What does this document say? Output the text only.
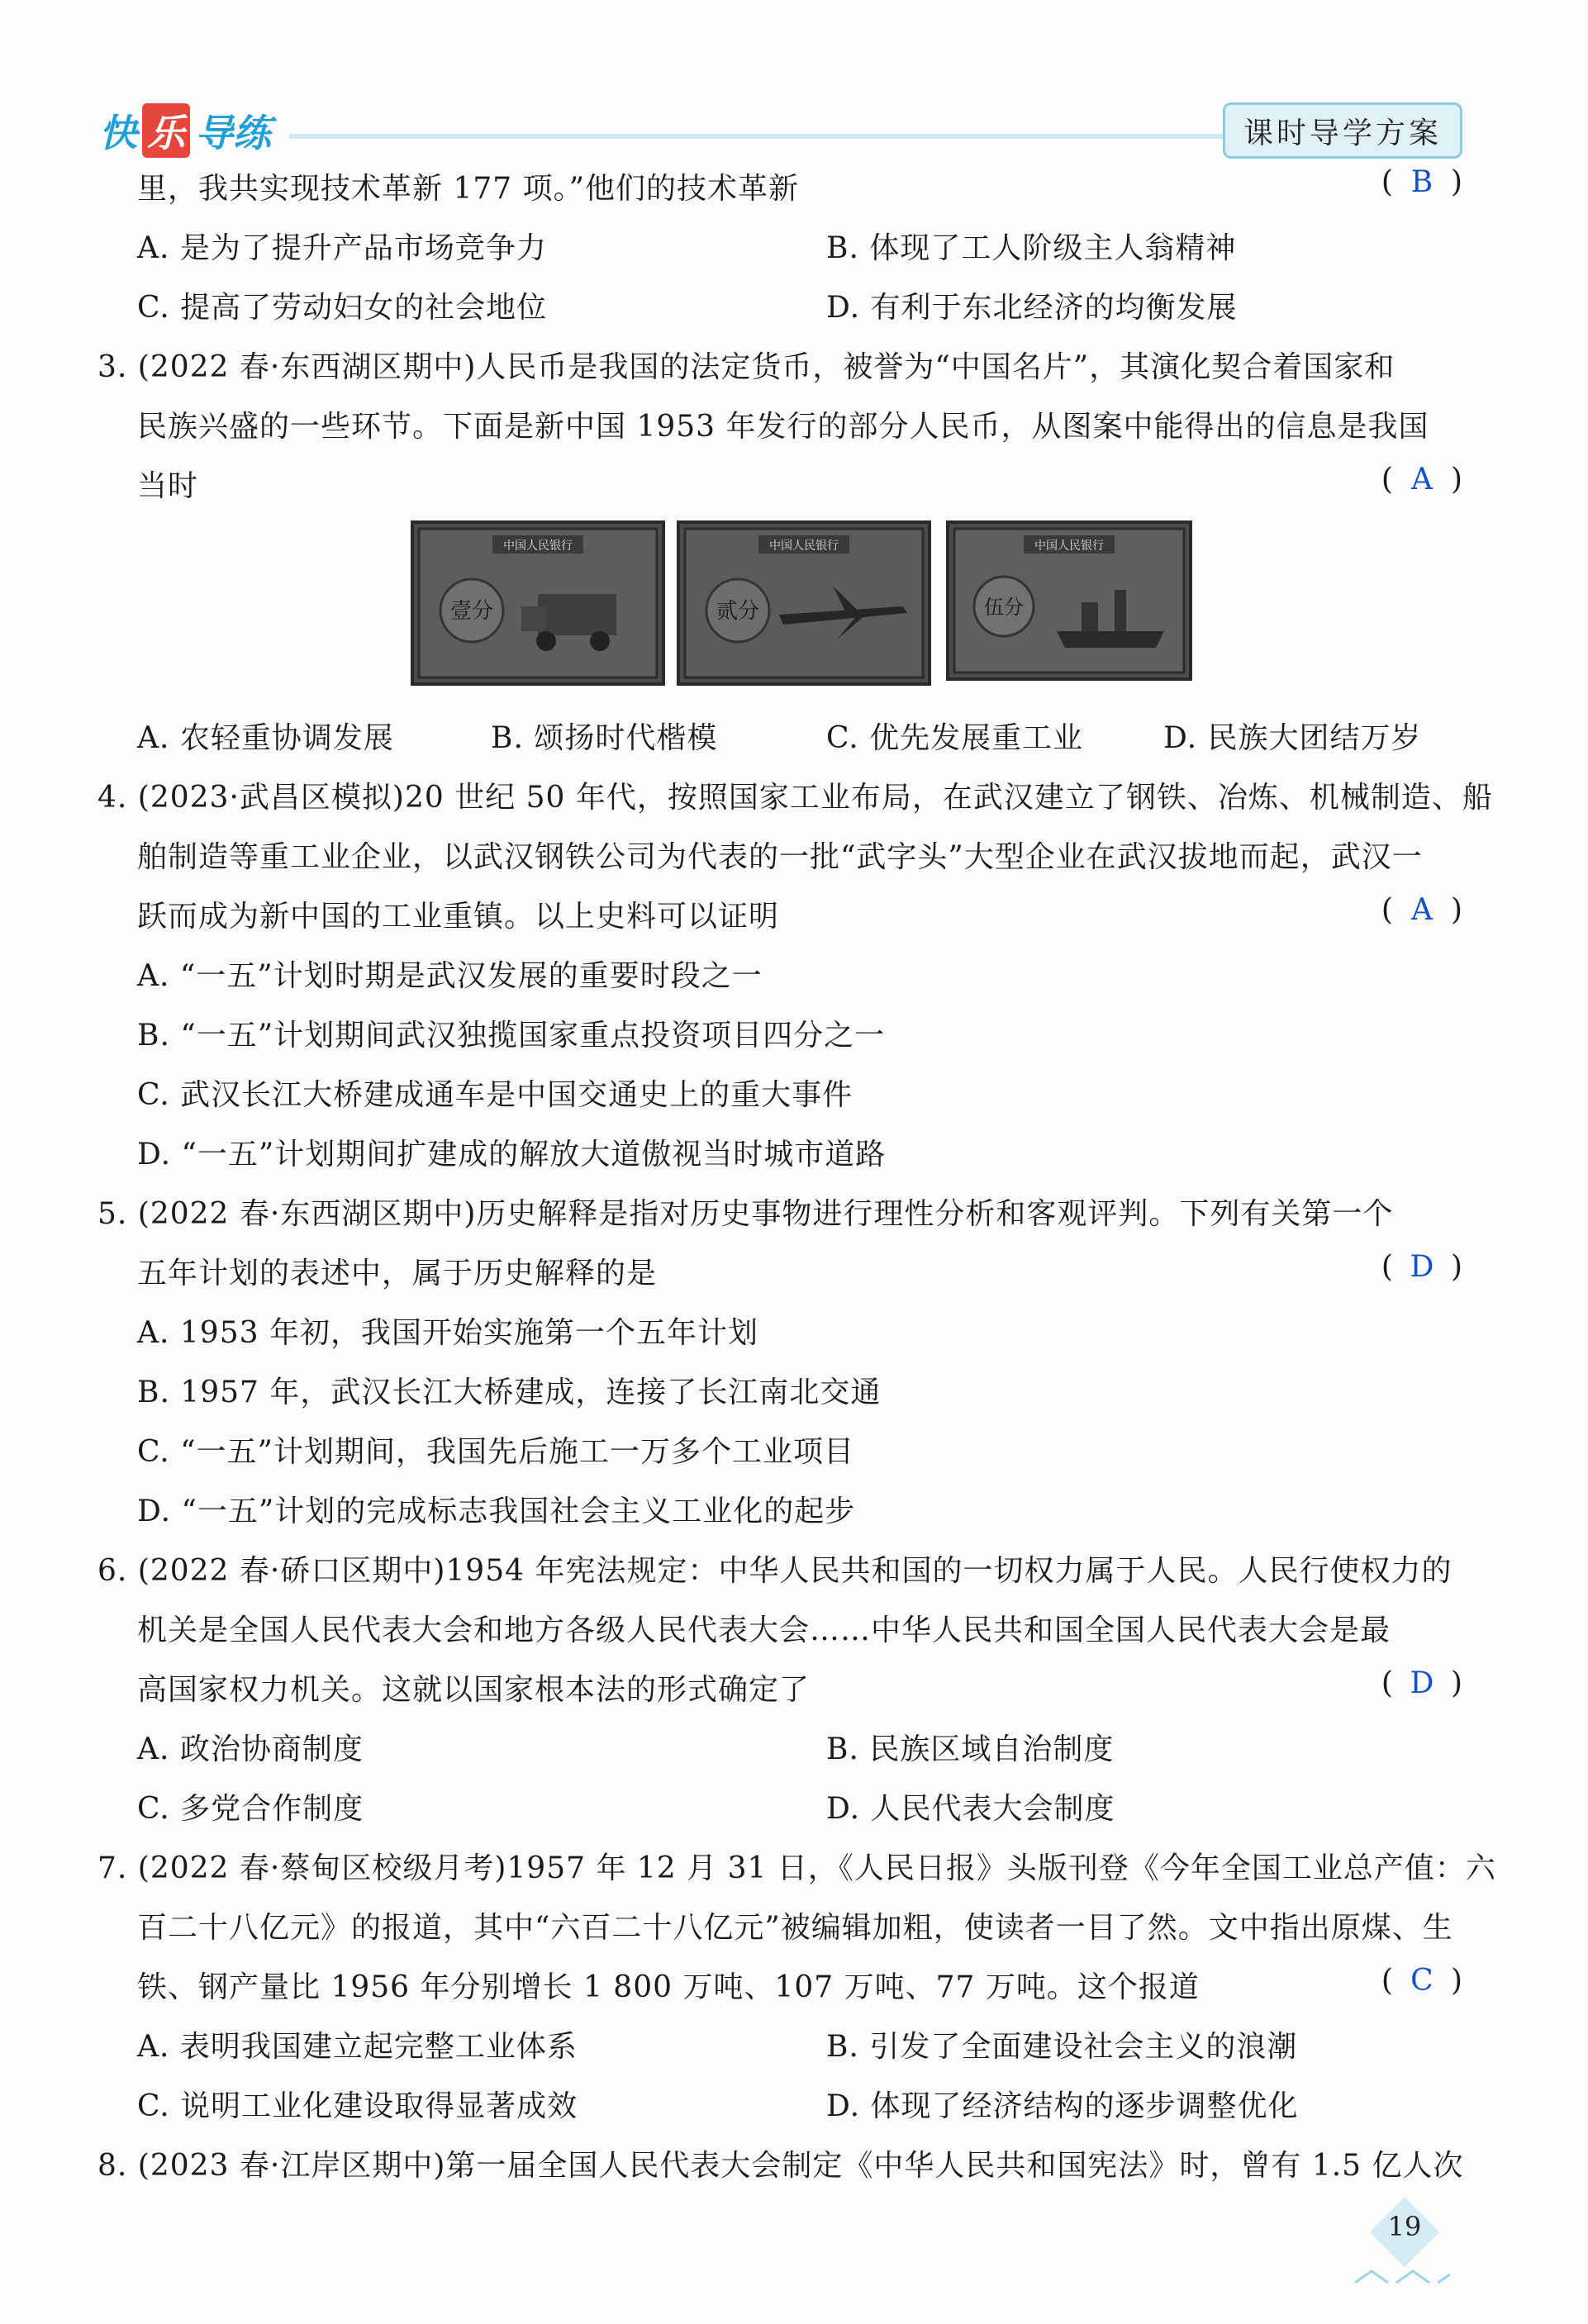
快 乐 导练	课时导学方案
里，我共实现技术革新 177 项。”他们的技术革新	( B )
A. 是为了提升产品市场竞争力	B. 体现了工人阶级主人翁精神
C. 提高了劳动妇女的社会地位	D. 有利于东北经济的均衡发展
3. (2022 春·东西湖区期中)人民币是我国的法定货币，被誉为“中国名片”，其演化契合着国家和
民族兴盛的一些环节。下面是新中国 1953 年发行的部分人民币，从图案中能得出的信息是我国
当时	( A )
中国人民银行
壹分
中国人民银行
贰分
中国人民银行
伍分
A. 农轻重协调发展	B. 颂扬时代楷模	C. 优先发展重工业	D. 民族大团结万岁
4. (2023·武昌区模拟)20 世纪 50 年代，按照国家工业布局，在武汉建立了钢铁、冶炼、机械制造、船
舶制造等重工业企业，以武汉钢铁公司为代表的一批“武字头”大型企业在武汉拔地而起，武汉一
跃而成为新中国的工业重镇。以上史料可以证明	( A )
A. “一五”计划时期是武汉发展的重要时段之一
B. “一五”计划期间武汉独揽国家重点投资项目四分之一
C. 武汉长江大桥建成通车是中国交通史上的重大事件
D. “一五”计划期间扩建成的解放大道傲视当时城市道路
5. (2022 春·东西湖区期中)历史解释是指对历史事物进行理性分析和客观评判。下列有关第一个
五年计划的表述中，属于历史解释的是	( D )
A. 1953 年初，我国开始实施第一个五年计划
B. 1957 年，武汉长江大桥建成，连接了长江南北交通
C. “一五”计划期间，我国先后施工一万多个工业项目
D. “一五”计划的完成标志我国社会主义工业化的起步
6. (2022 春·硚口区期中)1954 年宪法规定：中华人民共和国的一切权力属于人民。人民行使权力的
机关是全国人民代表大会和地方各级人民代表大会……中华人民共和国全国人民代表大会是最
高国家权力机关。这就以国家根本法的形式确定了	( D )
A. 政治协商制度	B. 民族区域自治制度
C. 多党合作制度	D. 人民代表大会制度
7. (2022 春·蔡甸区校级月考)1957 年 12 月 31 日，《人民日报》头版刊登《今年全国工业总产值：六
百二十八亿元》的报道，其中“六百二十八亿元”被编辑加粗，使读者一目了然。文中指出原煤、生
铁、钢产量比 1956 年分别增长 1 800 万吨、107 万吨、77 万吨。这个报道	( C )
A. 表明我国建立起完整工业体系	B. 引发了全面建设社会主义的浪潮
C. 说明工业化建设取得显著成效	D. 体现了经济结构的逐步调整优化
8. (2023 春·江岸区期中)第一届全国人民代表大会制定《中华人民共和国宪法》时，曾有 1.5 亿人次
19
